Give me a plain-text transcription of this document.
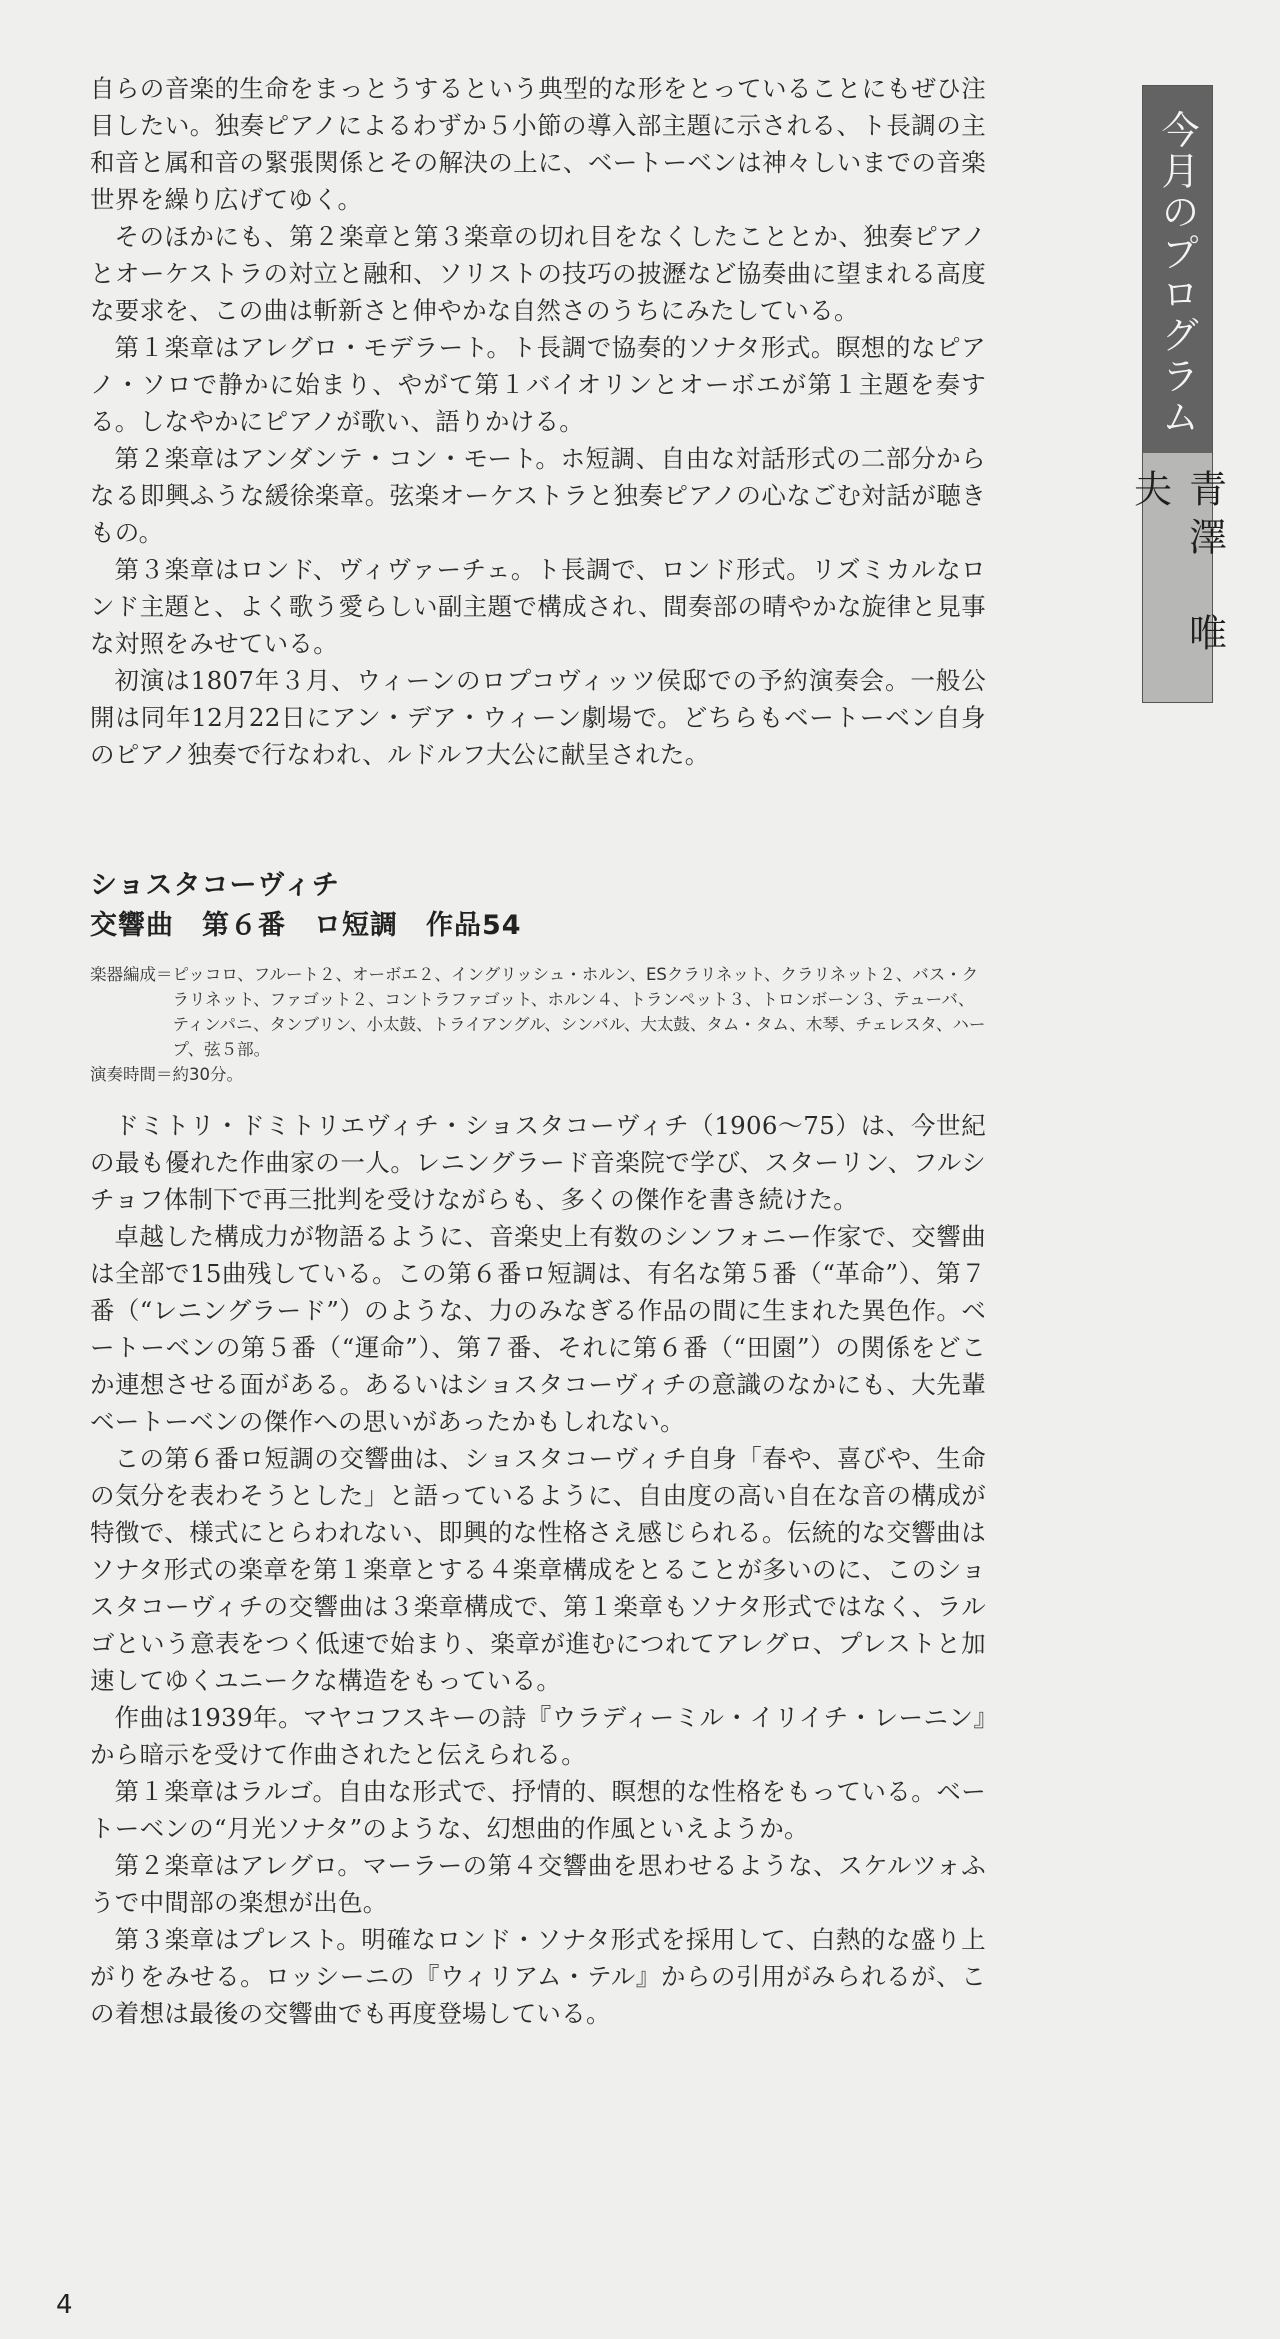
自らの音楽的生命をまっとうするという典型的な形をとっていることにもぜひ注目したい。独奏ピアノによるわずか５小節の導入部主題に示される、ト長調の主和音と属和音の緊張関係とその解決の上に、ベートーベンは神々しいまでの音楽世界を繰り広げてゆく。

そのほかにも、第２楽章と第３楽章の切れ目をなくしたこととか、独奏ピアノとオーケストラの対立と融和、ソリストの技巧の披瀝など協奏曲に望まれる高度な要求を、この曲は斬新さと伸やかな自然さのうちにみたしている。

第１楽章はアレグロ・モデラート。ト長調で協奏的ソナタ形式。瞑想的なピアノ・ソロで静かに始まり、やがて第１バイオリンとオーボエが第１主題を奏する。しなやかにピアノが歌い、語りかける。

第２楽章はアンダンテ・コン・モート。ホ短調、自由な対話形式の二部分からなる即興ふうな緩徐楽章。弦楽オーケストラと独奏ピアノの心なごむ対話が聴きもの。

第３楽章はロンド、ヴィヴァーチェ。ト長調で、ロンド形式。リズミカルなロンド主題と、よく歌う愛らしい副主題で構成され、間奏部の晴やかな旋律と見事な対照をみせている。

初演は1807年３月、ウィーンのロプコヴィッツ侯邸での予約演奏会。一般公開は同年12月22日にアン・デア・ウィーン劇場で。どちらもベートーベン自身のピアノ独奏で行なわれ、ルドルフ大公に献呈された。

ショスタコーヴィチ
交響曲　第６番　ロ短調　作品54
楽器編成＝ ピッコロ、フルート２、オーボエ２、イングリッシュ・ホルン、ESクラリネット、クラリネット２、バス・クラリネット、ファゴット２、コントラファゴット、ホルン４、トランペット３、トロンボーン３、テューバ、ティンパニ、タンブリン、小太鼓、トライアングル、シンバル、大太鼓、タム・タム、木琴、チェレスタ、ハープ、弦５部。
演奏時間＝約30分。

ドミトリ・ドミトリエヴィチ・ショスタコーヴィチ（1906～75）は、今世紀の最も優れた作曲家の一人。レニングラード音楽院で学び、スターリン、フルシチョフ体制下で再三批判を受けながらも、多くの傑作を書き続けた。

卓越した構成力が物語るように、音楽史上有数のシンフォニー作家で、交響曲は全部で15曲残している。この第６番ロ短調は、有名な第５番（“革命”）、第７番（“レニングラード”）のような、力のみなぎる作品の間に生まれた異色作。ベートーベンの第５番（“運命”）、第７番、それに第６番（“田園”）の関係をどこか連想させる面がある。あるいはショスタコーヴィチの意識のなかにも、大先輩ベートーベンの傑作への思いがあったかもしれない。

この第６番ロ短調の交響曲は、ショスタコーヴィチ自身「春や、喜びや、生命の気分を表わそうとした」と語っているように、自由度の高い自在な音の構成が特徴で、様式にとらわれない、即興的な性格さえ感じられる。伝統的な交響曲はソナタ形式の楽章を第１楽章とする４楽章構成をとることが多いのに、このショスタコーヴィチの交響曲は３楽章構成で、第１楽章もソナタ形式ではなく、ラルゴという意表をつく低速で始まり、楽章が進むにつれてアレグロ、プレストと加速してゆくユニークな構造をもっている。

作曲は1939年。マヤコフスキーの詩『ウラディーミル・イリイチ・レーニン』から暗示を受けて作曲されたと伝えられる。

第１楽章はラルゴ。自由な形式で、抒情的、瞑想的な性格をもっている。ベートーベンの“月光ソナタ”のような、幻想曲的作風といえようか。

第２楽章はアレグロ。マーラーの第４交響曲を思わせるような、スケルツォふうで中間部の楽想が出色。

第３楽章はプレスト。明確なロンド・ソナタ形式を採用して、白熱的な盛り上がりをみせる。ロッシーニの『ウィリアム・テル』からの引用がみられるが、この着想は最後の交響曲でも再度登場している。

今月のプログラム
青澤　唯夫
4
